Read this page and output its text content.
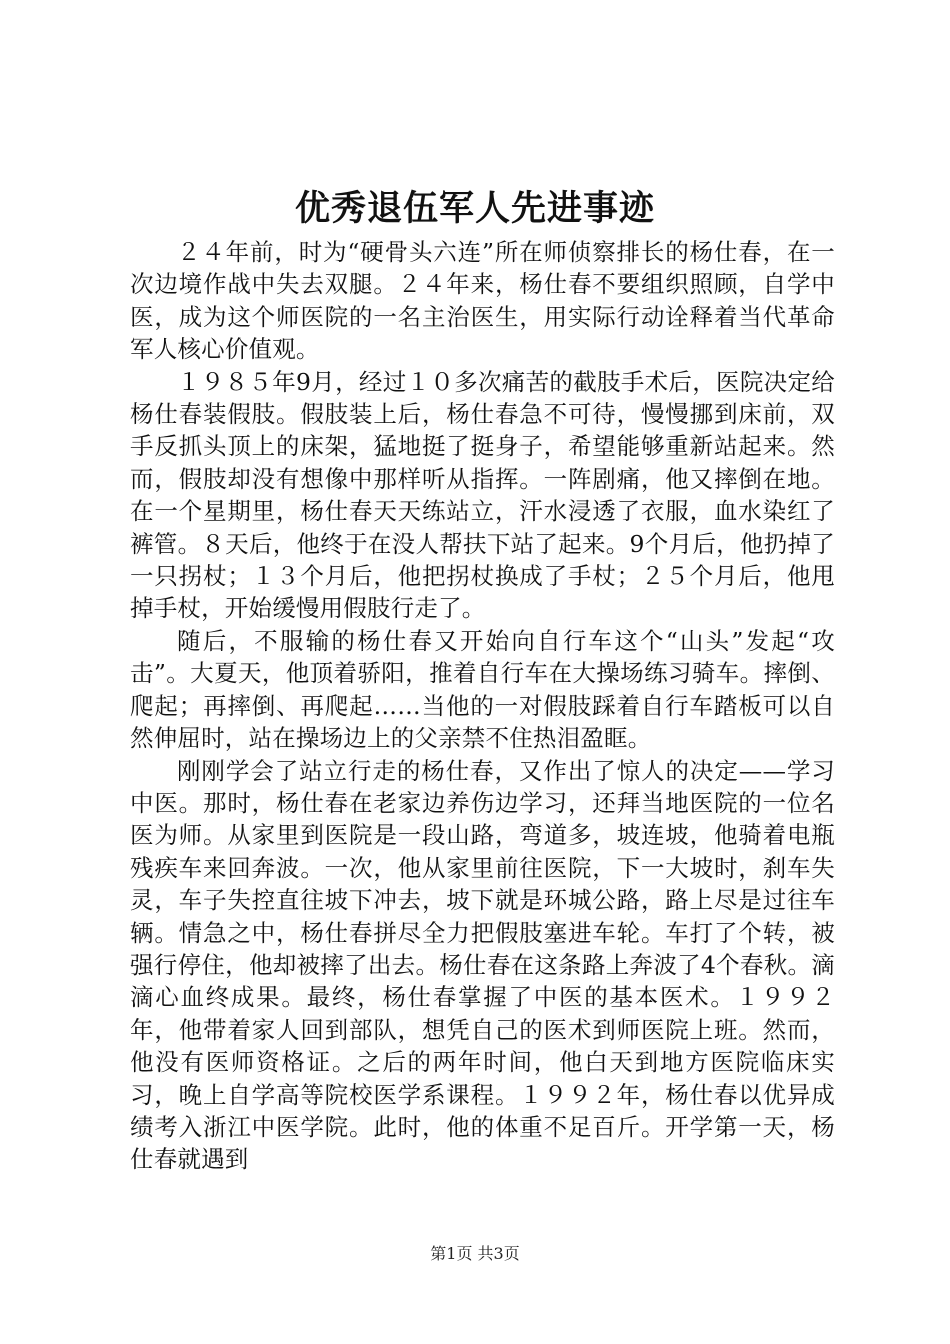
优秀退伍军人先进事迹

２４年前，时为“硬骨头六连”所在师侦察排长的杨仕春，在一次边境作战中失去双腿。２４年来，杨仕春不要组织照顾，自学中医，成为这个师医院的一名主治医生，用实际行动诠释着当代革命军人核心价值观。

１９８５年9月，经过１０多次痛苦的截肢手术后，医院决定给杨仕春装假肢。假肢装上后，杨仕春急不可待，慢慢挪到床前，双手反抓头顶上的床架，猛地挺了挺身子，希望能够重新站起来。然而，假肢却没有想像中那样听从指挥。一阵剧痛，他又摔倒在地。在一个星期里，杨仕春天天练站立，汗水浸透了衣服，血水染红了裤管。８天后，他终于在没人帮扶下站了起来。9个月后，他扔掉了一只拐杖；１３个月后，他把拐杖换成了手杖；２５个月后，他甩掉手杖，开始缓慢用假肢行走了。

随后，不服输的杨仕春又开始向自行车这个“山头”发起“攻击”。大夏天，他顶着骄阳，推着自行车在大操场练习骑车。摔倒、爬起；再摔倒、再爬起……当他的一对假肢踩着自行车踏板可以自然伸屈时，站在操场边上的父亲禁不住热泪盈眶。

刚刚学会了站立行走的杨仕春，又作出了惊人的决定——学习中医。那时，杨仕春在老家边养伤边学习，还拜当地医院的一位名医为师。从家里到医院是一段山路，弯道多，坡连坡，他骑着电瓶残疾车来回奔波。一次，他从家里前往医院，下一大坡时，刹车失灵，车子失控直往坡下冲去，坡下就是环城公路，路上尽是过往车辆。情急之中，杨仕春拼尽全力把假肢塞进车轮。车打了个转，被强行停住，他却被摔了出去。杨仕春在这条路上奔波了4个春秋。滴滴心血终成果。最终，杨仕春掌握了中医的基本医术。１９９２年，他带着家人回到部队，想凭自己的医术到师医院上班。然而，他没有医师资格证。之后的两年时间，他白天到地方医院临床实习，晚上自学高等院校医学系课程。１９９２年，杨仕春以优异成绩考入浙江中医学院。此时，他的体重不足百斤。开学第一天，杨仕春就遇到

第1页 共3页
